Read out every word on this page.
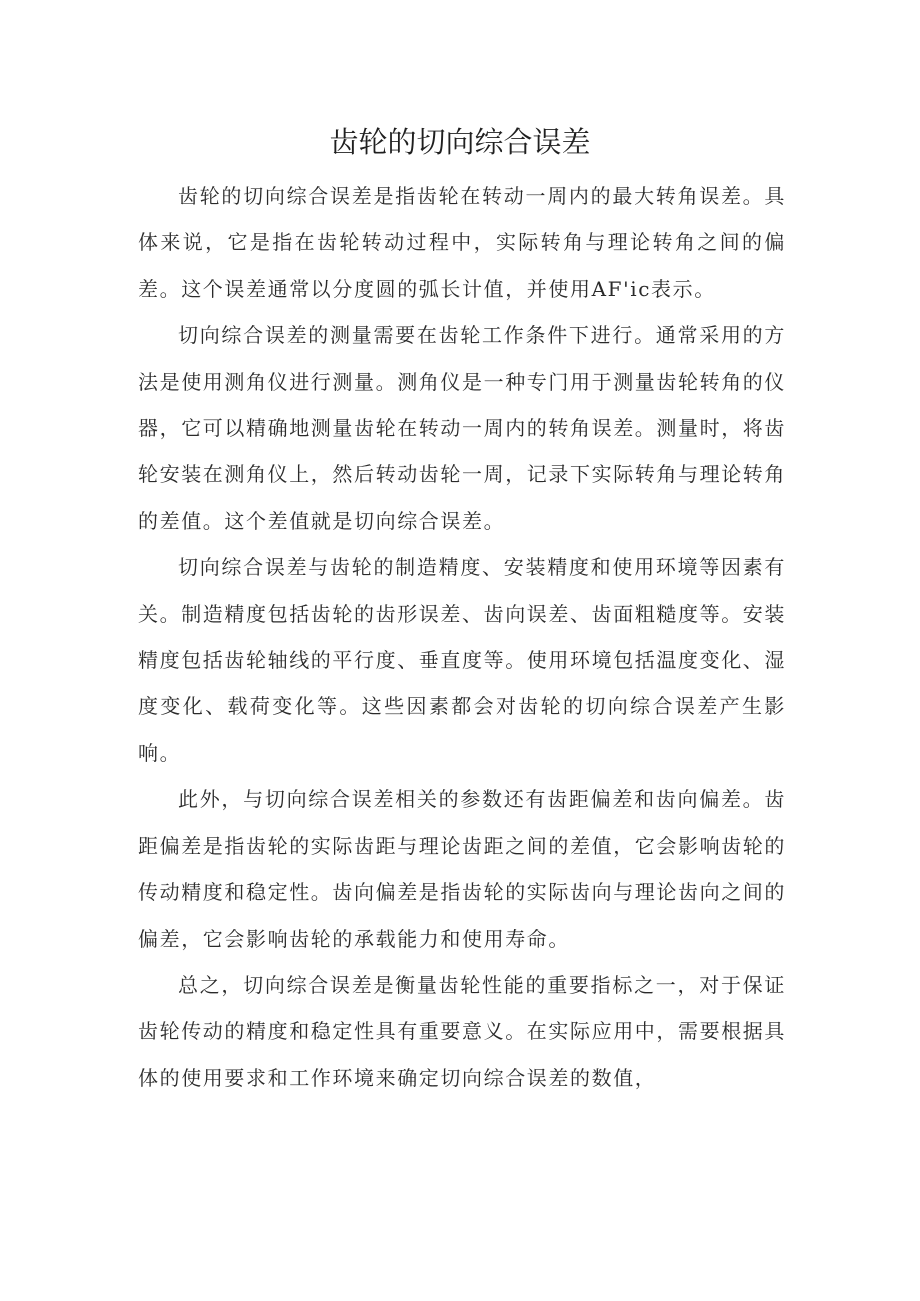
齿轮的切向综合误差

齿轮的切向综合误差是指齿轮在转动一周内的最大转角误差。具体来说，它是指在齿轮转动过程中，实际转角与理论转角之间的偏差。这个误差通常以分度圆的弧长计值，并使用AF'ic表示。

切向综合误差的测量需要在齿轮工作条件下进行。通常采用的方法是使用测角仪进行测量。测角仪是一种专门用于测量齿轮转角的仪器，它可以精确地测量齿轮在转动一周内的转角误差。测量时，将齿轮安装在测角仪上，然后转动齿轮一周，记录下实际转角与理论转角的差值。这个差值就是切向综合误差。

切向综合误差与齿轮的制造精度、安装精度和使用环境等因素有关。制造精度包括齿轮的齿形误差、齿向误差、齿面粗糙度等。安装精度包括齿轮轴线的平行度、垂直度等。使用环境包括温度变化、湿度变化、载荷变化等。这些因素都会对齿轮的切向综合误差产生影响。

此外，与切向综合误差相关的参数还有齿距偏差和齿向偏差。齿距偏差是指齿轮的实际齿距与理论齿距之间的差值，它会影响齿轮的传动精度和稳定性。齿向偏差是指齿轮的实际齿向与理论齿向之间的偏差，它会影响齿轮的承载能力和使用寿命。

总之，切向综合误差是衡量齿轮性能的重要指标之一，对于保证齿轮传动的精度和稳定性具有重要意义。在实际应用中，需要根据具体的使用要求和工作环境来确定切向综合误差的数值，
